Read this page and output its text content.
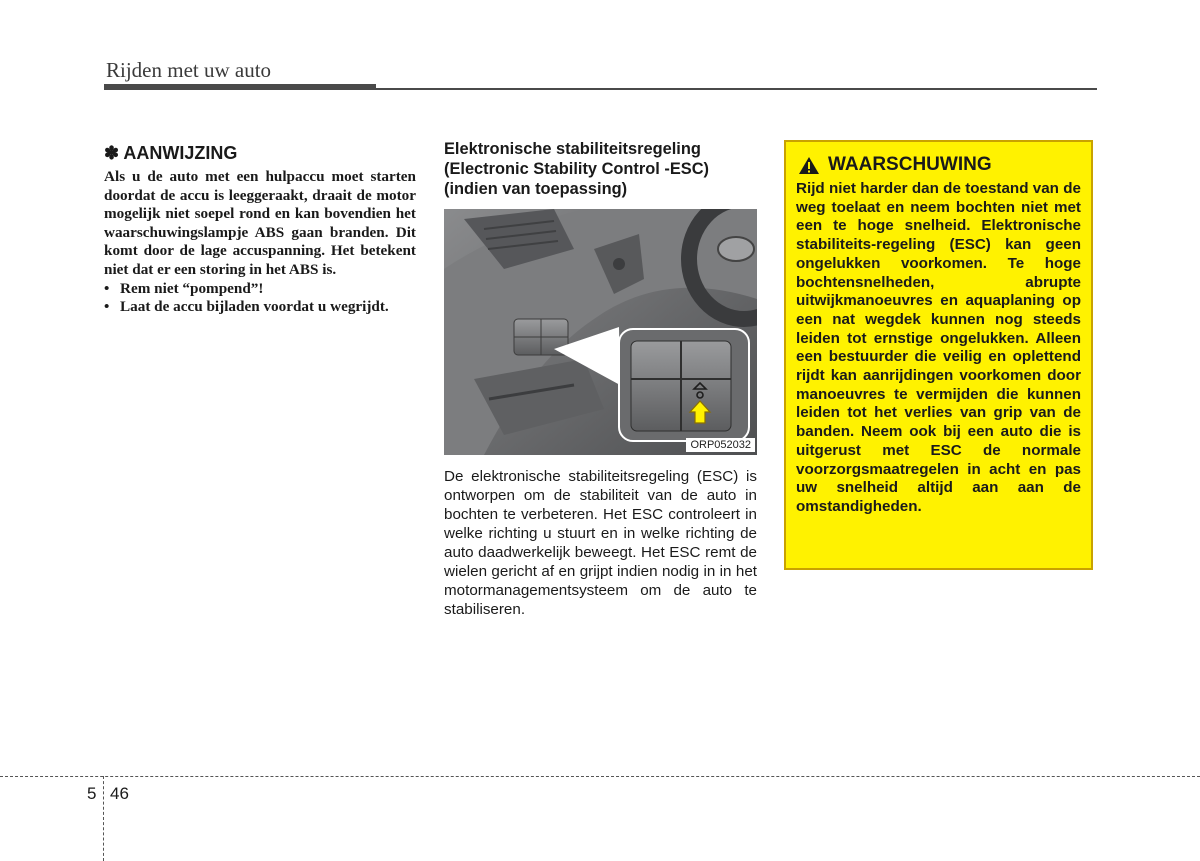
Rijden met uw auto
✽ AANWIJZING

Als u de auto met een hulpaccu moet starten doordat de accu is leeggeraakt, draait de motor mogelijk niet soepel rond en kan bovendien het waarschuwingslampje ABS gaan branden. Dit komt door de lage accuspanning. Het betekent niet dat er een storing in het ABS is.

• Rem niet “pompend”!
• Laat de accu bijladen voordat u wegrijdt.
Elektronische stabiliteitsregeling (Electronic Stability Control -ESC) (indien van toepassing)
ORP052032

De elektronische stabiliteitsregeling (ESC) is ontworpen om de stabiliteit van de auto in bochten te verbeteren. Het ESC controleert in welke richting u stuurt en in welke richting de auto daadwerkelijk beweegt. Het ESC remt de wielen gericht af en grijpt indien nodig in in het motormanagementsysteem om de auto te stabiliseren.

WAARSCHUWING

Rijd niet harder dan de toestand van de weg toelaat en neem bochten niet met een te hoge snelheid. Elektronische stabiliteits-regeling (ESC) kan geen ongelukken voorkomen. Te hoge bochtensnelheden, abrupte uitwijkmanoeuvres en aquaplaning op een nat wegdek kunnen nog steeds leiden tot ernstige ongelukken. Alleen een bestuurder die veilig en oplettend rijdt kan aanrijdingen voorkomen door manoeuvres te vermijden die kunnen leiden tot het verlies van grip van de banden. Neem ook bij een auto die is uitgerust met ESC de normale voorzorgsmaatregelen in acht en pas uw snelheid altijd aan aan de omstandigheden.

5 46
